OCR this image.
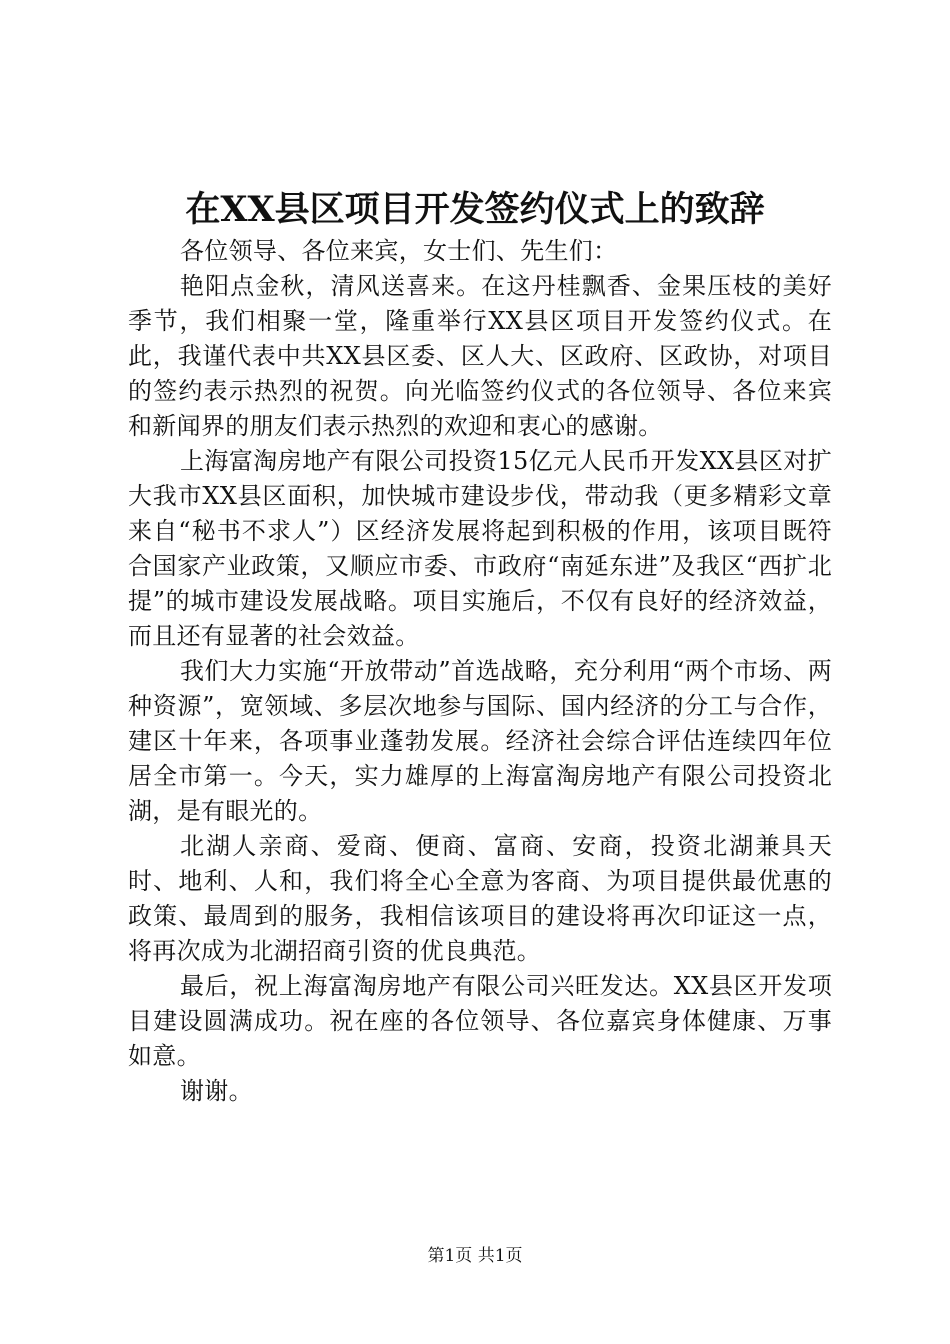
在XX县区项目开发签约仪式上的致辞

各位领导、各位来宾，女士们、先生们：

艳阳点金秋，清风送喜来。在这丹桂飘香、金果压枝的美好季节，我们相聚一堂，隆重举行XX县区项目开发签约仪式。在此，我谨代表中共XX县区委、区人大、区政府、区政协，对项目的签约表示热烈的祝贺。向光临签约仪式的各位领导、各位来宾和新闻界的朋友们表示热烈的欢迎和衷心的感谢。

上海富淘房地产有限公司投资15亿元人民币开发XX县区对扩大我市XX县区面积，加快城市建设步伐，带动我（更多精彩文章来自“秘书不求人”）区经济发展将起到积极的作用，该项目既符合国家产业政策，又顺应市委、市政府“南延东进”及我区“西扩北提”的城市建设发展战略。项目实施后，不仅有良好的经济效益，而且还有显著的社会效益。

我们大力实施“开放带动”首选战略，充分利用“两个市场、两种资源”，宽领域、多层次地参与国际、国内经济的分工与合作，建区十年来，各项事业蓬勃发展。经济社会综合评估连续四年位居全市第一。今天，实力雄厚的上海富淘房地产有限公司投资北湖，是有眼光的。

北湖人亲商、爱商、便商、富商、安商，投资北湖兼具天时、地利、人和，我们将全心全意为客商、为项目提供最优惠的政策、最周到的服务，我相信该项目的建设将再次印证这一点，将再次成为北湖招商引资的优良典范。

最后，祝上海富淘房地产有限公司兴旺发达。XX县区开发项目建设圆满成功。祝在座的各位领导、各位嘉宾身体健康、万事如意。

谢谢。

第1页 共1页
